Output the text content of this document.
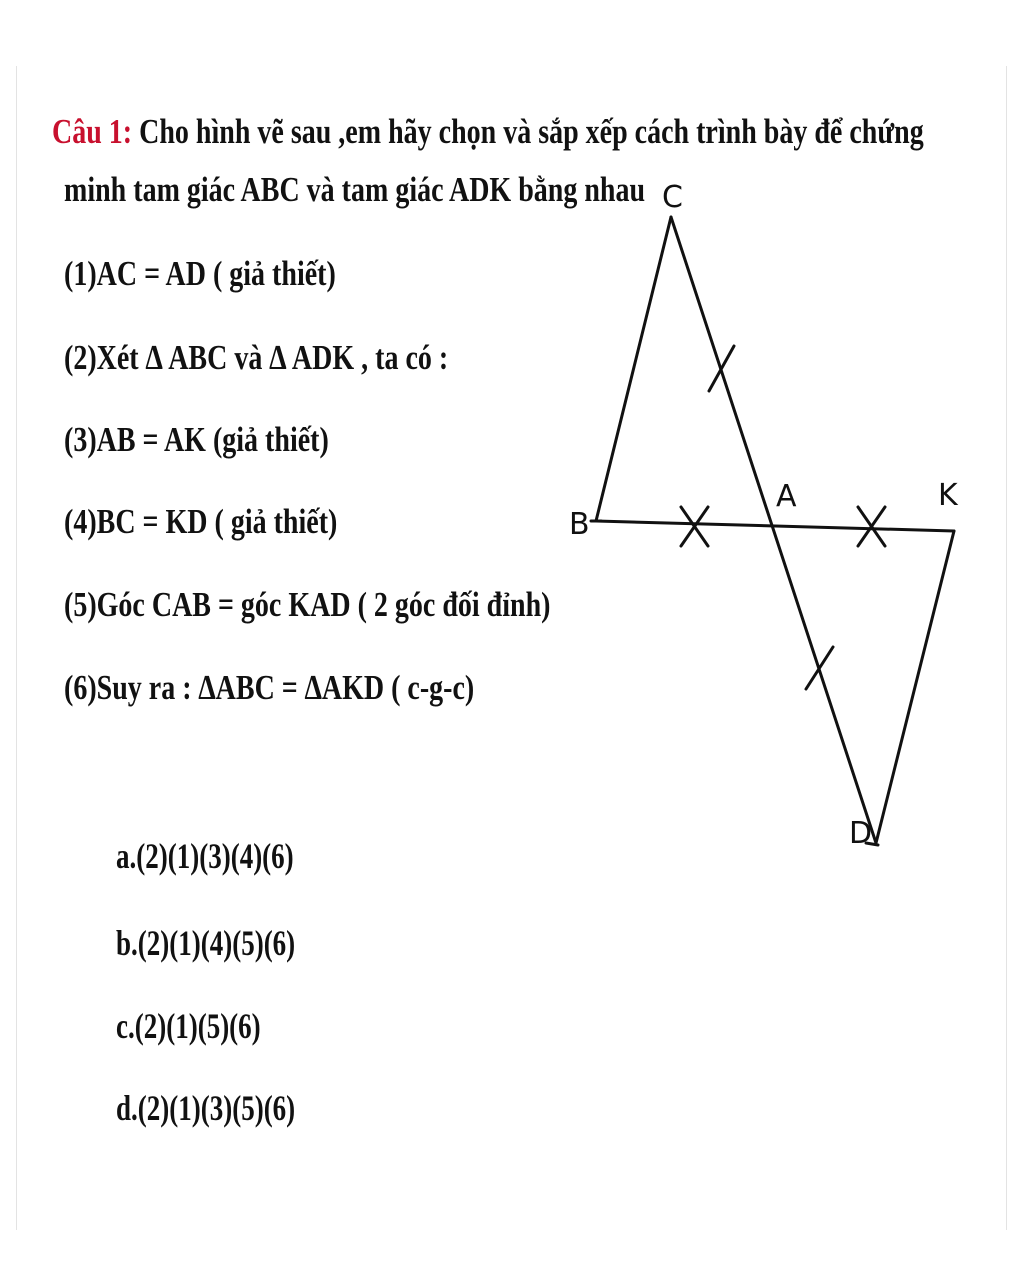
Câu 1: Cho hình vẽ sau ,em hãy chọn và sắp xếp cách trình bày để chứng
minh tam giác ABC và tam giác ADK bằng nhau
(1)AC = AD ( giả thiết)
(2)Xét ∆ ABC và ∆ ADK , ta có :
(3)AB = AK (giả thiết)
(4)BC = KD ( giả thiết)
(5)Góc CAB = góc KAD ( 2 góc đối đỉnh)
(6)Suy ra : ∆ABC = ∆AKD ( c-g-c)
a.(2)(1)(3)(4)(6)
b.(2)(1)(4)(5)(6)
c.(2)(1)(5)(6)
d.(2)(1)(3)(5)(6)
C
B
A	K
D
